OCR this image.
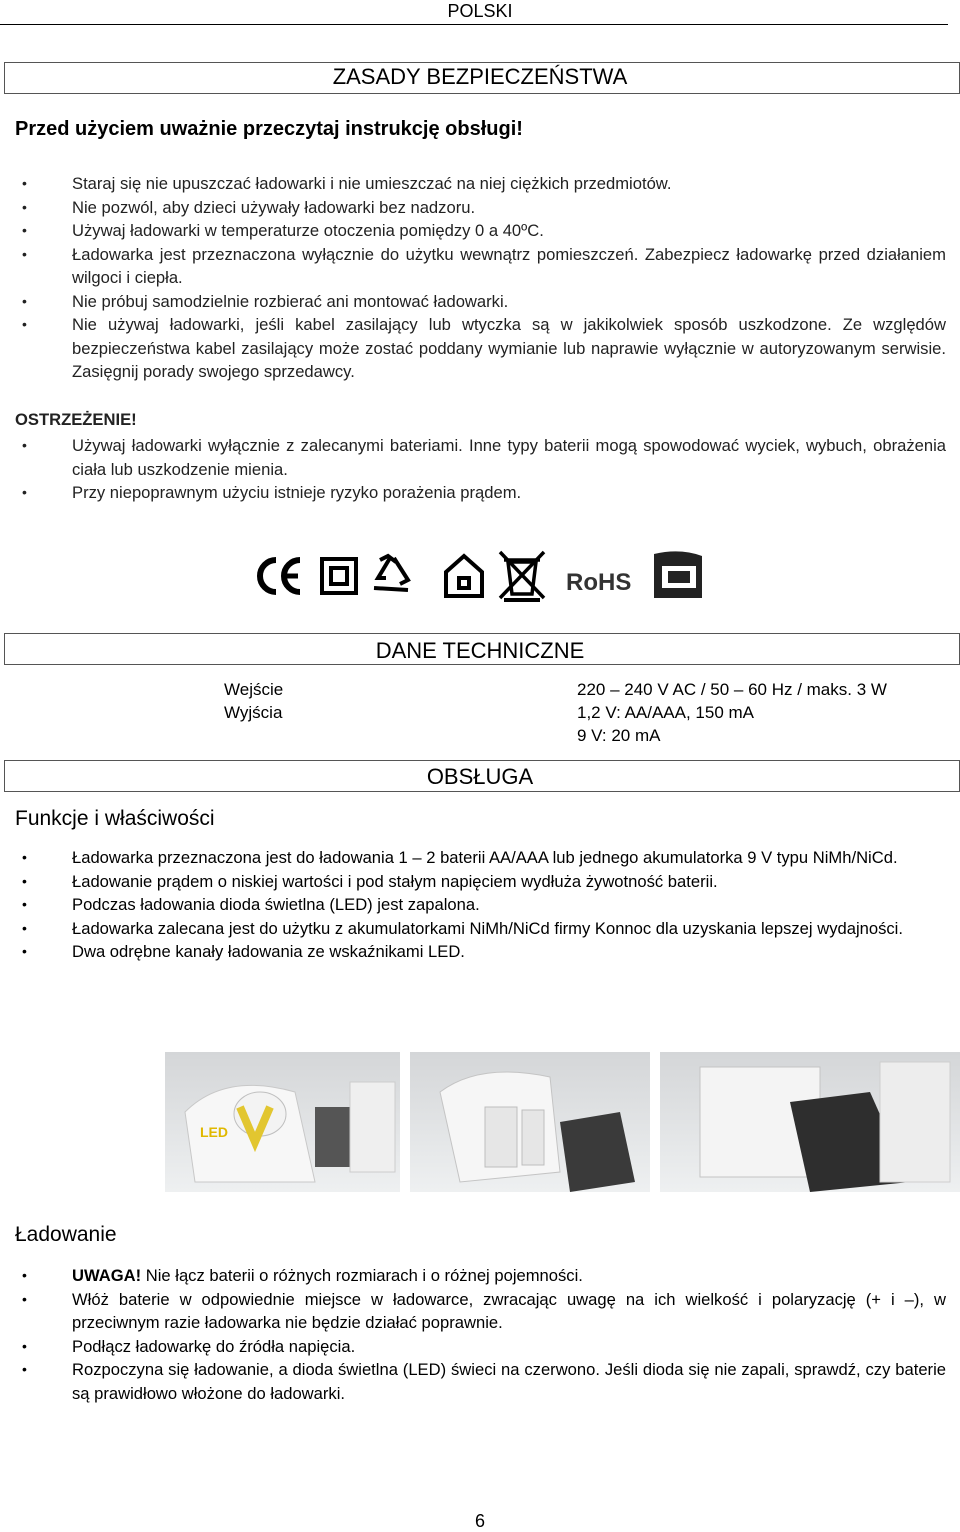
POLSKI
ZASADY BEZPIECZEŃSTWA
Przed użyciem uważnie przeczytaj instrukcję obsługi!
• Staraj się nie upuszczać ładowarki i nie umieszczać na niej ciężkich przedmiotów.
• Nie pozwól, aby dzieci używały ładowarki bez nadzoru.
• Używaj ładowarki w temperaturze otoczenia pomiędzy 0 a 40ºC.
• Ładowarka jest przeznaczona wyłącznie do użytku wewnątrz pomieszczeń. Zabezpiecz ładowarkę przed działaniem wilgoci i ciepła.
• Nie próbuj samodzielnie rozbierać ani montować ładowarki.
• Nie używaj ładowarki, jeśli kabel zasilający lub wtyczka są w jakikolwiek sposób uszkodzone. Ze względów bezpieczeństwa kabel zasilający może zostać poddany wymianie lub naprawie wyłącznie w autoryzowanym serwisie. Zasięgnij porady swojego sprzedawcy.
OSTRZEŻENIE!
• Używaj ładowarki wyłącznie z zalecanymi bateriami. Inne typy baterii mogą spowodować wyciek, wybuch, obrażenia ciała lub uszkodzenie mienia.
• Przy niepoprawnym użyciu istnieje ryzyko porażenia prądem.
RoHS
DANE TECHNICZNE
Wejście	220 – 240 V AC / 50 – 60 Hz / maks. 3 W
Wyjścia	1,2 V: AA/AAA, 150 mA
9 V: 20 mA
OBSŁUGA
Funkcje i właściwości
• Ładowarka przeznaczona jest do ładowania 1 – 2 baterii AA/AAA lub jednego akumulatorka 9 V typu NiMh/NiCd.
• Ładowanie prądem o niskiej wartości i pod stałym napięciem wydłuża żywotność baterii.
• Podczas ładowania dioda świetlna (LED) jest zapalona.
• Ładowarka zalecana jest do użytku z akumulatorkami NiMh/NiCd firmy Konnoc dla uzyskania lepszej wydajności.
• Dwa odrębne kanały ładowania ze wskaźnikami LED.
LED
Ładowanie
• UWAGA! Nie łącz baterii o różnych rozmiarach i o różnej pojemności.
• Włóż baterie w odpowiednie miejsce w ładowarce, zwracając uwagę na ich wielkość i polaryzację (+ i –), w przeciwnym razie ładowarka nie będzie działać poprawnie.
• Podłącz ładowarkę do źródła napięcia.
• Rozpoczyna się ładowanie, a dioda świetlna (LED) świeci na czerwono. Jeśli dioda się nie zapali, sprawdź, czy baterie są prawidłowo włożone do ładowarki.
6
